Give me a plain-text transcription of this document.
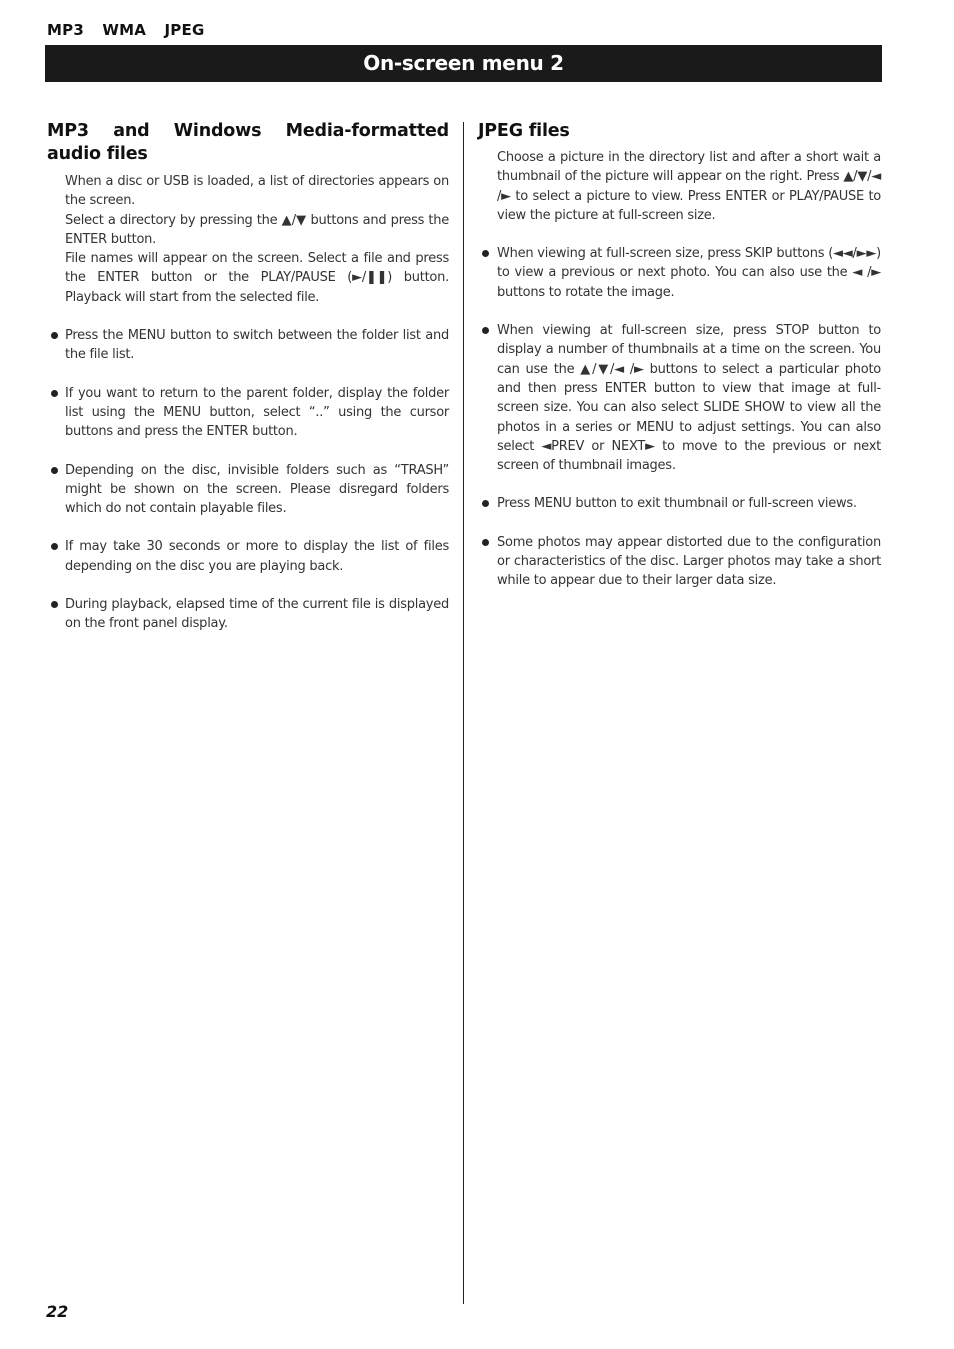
MP3 WMA JPEG
On-screen menu 2
MP3 and Windows Media-formatted audio files

When a disc or USB is loaded, a list of directories appears on the screen.

Select a directory by pressing the ▲/▼ buttons and press the ENTER button.

File names will appear on the screen. Select a file and press the ENTER button or the PLAY/PAUSE (►/❚❚) button. Playback will start from the selected file.

Press the MENU button to switch between the folder list and the file list.

If you want to return to the parent folder, display the folder list using the MENU button, select “..” using the cursor buttons and press the ENTER button.

Depending on the disc, invisible folders such as “TRASH” might be shown on the screen. Please disregard folders which do not contain playable files.

If may take 30 seconds or more to display the list of files depending on the disc you are playing back.

During playback, elapsed time of the current file is displayed on the front panel display.

JPEG files

Choose a picture in the directory list and after a short wait a thumbnail of the picture will appear on the right. Press ▲/▼/◄ /► to select a picture to view. Press ENTER or PLAY/PAUSE to view the picture at full-screen size.

When viewing at full-screen size, press SKIP buttons (◄◄/►►) to view a previous or next photo. You can also use the ◄ /► buttons to rotate the image.

When viewing at full-screen size, press STOP button to display a number of thumbnails at a time on the screen. You can use the ▲/▼/◄ /► buttons to select a particular photo and then press ENTER button to view that image at full-screen size. You can also select SLIDE SHOW to view all the photos in a series or MENU to adjust settings. You can also select ◄PREV or NEXT► to move to the previous or next screen of thumbnail images.

Press MENU button to exit thumbnail or full-screen views.

Some photos may appear distorted due to the configuration or characteristics of the disc. Larger photos may take a short while to appear due to their larger data size.

22
